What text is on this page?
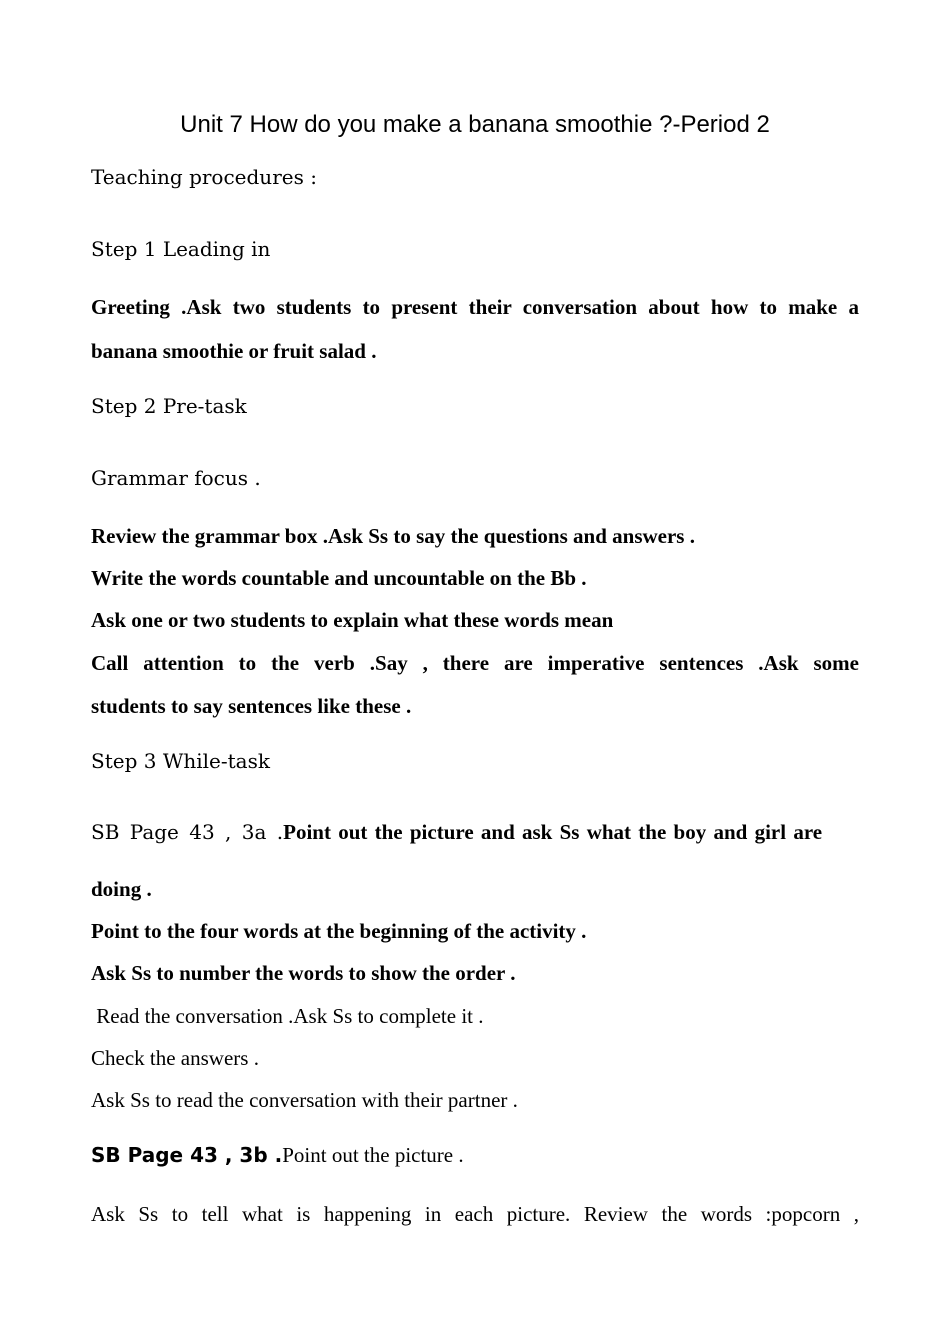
Unit 7 How do you make a banana smoothie ?-Period 2

Teaching procedures :

Step 1 Leading in

Greeting .Ask two students to present their conversation about how to make a

banana smoothie or fruit salad .

Step 2 Pre-task

Grammar focus .

Review the grammar box .Ask Ss to say the questions and answers .

Write the words countable and uncountable on the Bb .

Ask one or two students to explain what these words mean

Call attention to the verb .Say , there are imperative sentences .Ask some

students to say sentences like these .

Step 3 While-task

SB Page 43 , 3a .Point out the picture and ask Ss what the boy and girl are

doing .

Point to the four words at the beginning of the activity .

Ask Ss to number the words to show the order .

Read the conversation .Ask Ss to complete it .

Check the answers .

Ask Ss to read the conversation with their partner .

SB Page 43 , 3b .Point out the picture .

Ask Ss to tell what is happening in each picture. Review the words :popcorn ,
